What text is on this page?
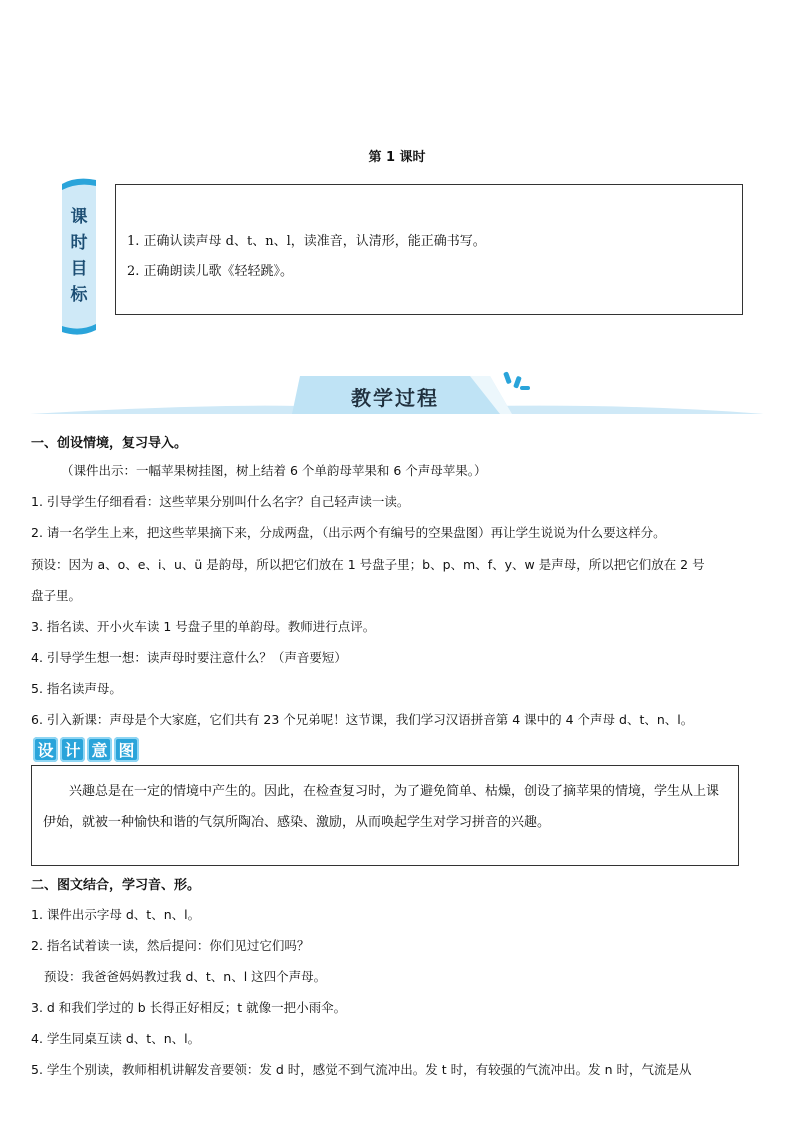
第 1 课时
课
时
目
标
1. 正确认读声母 d、t、n、l，读准音，认清形，能正确书写。
2. 正确朗读儿歌《轻轻跳》。
教学过程
一、创设情境，复习导入。
（课件出示：一幅苹果树挂图，树上结着 6 个单韵母苹果和 6 个声母苹果。）
1. 引导学生仔细看看：这些苹果分别叫什么名字？自己轻声读一读。
2. 请一名学生上来，把这些苹果摘下来，分成两盘，（出示两个有编号的空果盘图）再让学生说说为什么要这样分。
预设：因为 a、o、e、i、u、ü 是韵母，所以把它们放在 1 号盘子里；b、p、m、f、y、w 是声母，所以把它们放在 2 号
盘子里。
3. 指名读、开小火车读 1 号盘子里的单韵母。教师进行点评。
4. 引导学生想一想：读声母时要注意什么？（声音要短）
5. 指名读声母。
6. 引入新课：声母是个大家庭，它们共有 23 个兄弟呢！这节课，我们学习汉语拼音第 4 课中的 4 个声母 d、t、n、l。
设 计 意 图
兴趣总是在一定的情境中产生的。因此，在检查复习时，为了避免简单、枯燥，创设了摘苹果的情境，学生从上课伊始，就被一种愉快和谐的气氛所陶冶、感染、激励，从而唤起学生对学习拼音的兴趣。
二、图文结合，学习音、形。
1. 课件出示字母 d、t、n、l。
2. 指名试着读一读，然后提问：你们见过它们吗？
预设：我爸爸妈妈教过我 d、t、n、l 这四个声母。
3. d 和我们学过的 b 长得正好相反；t 就像一把小雨伞。
4. 学生同桌互读 d、t、n、l。
5. 学生个别读，教师相机讲解发音要领：发 d 时，感觉不到气流冲出。发 t 时，有较强的气流冲出。发 n 时，气流是从
